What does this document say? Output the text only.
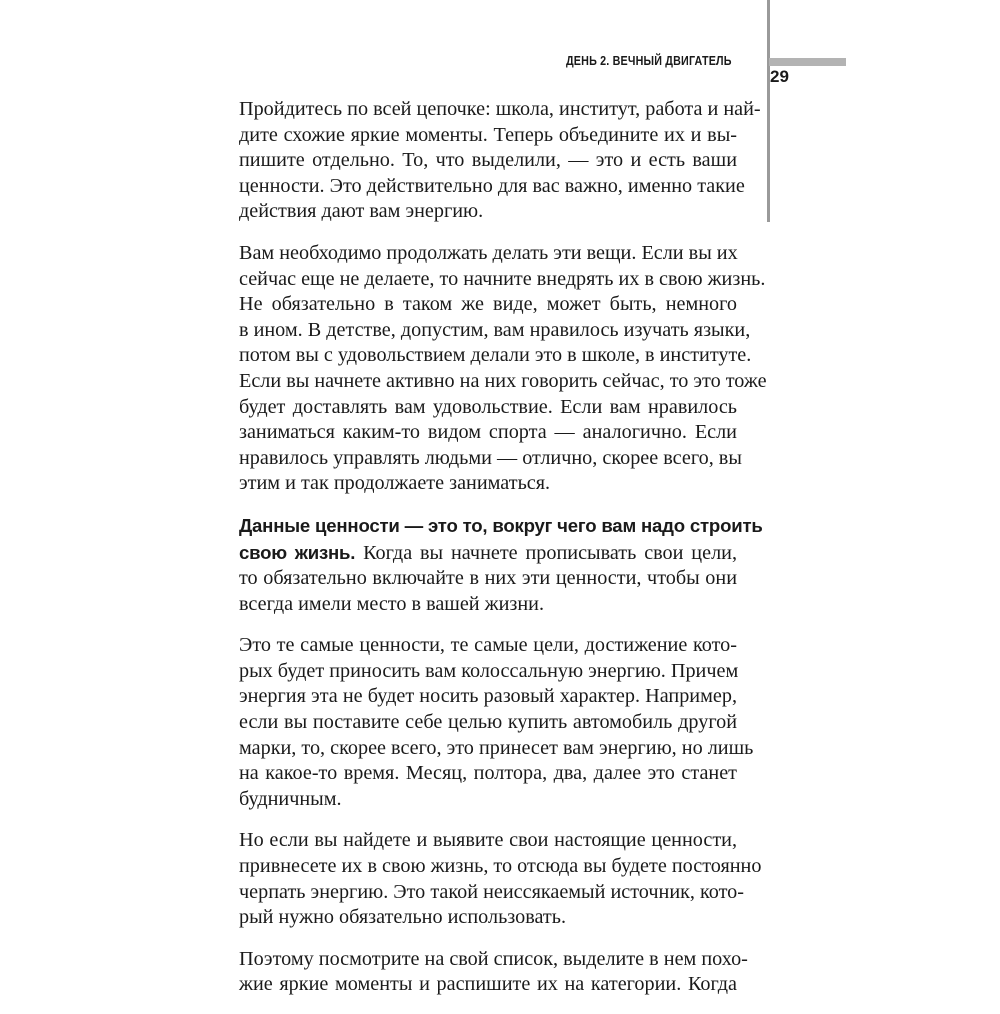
ДЕНЬ 2. ВЕЧНЫЙ ДВИГАТЕЛЬ
29

Пройдитесь по всей цепочке: школа, институт, работа и най-
дите схожие яркие моменты. Теперь объедините их и вы-
пишите отдельно. То, что выделили, — это и есть ваши
ценности. Это действительно для вас важно, именно такие
действия дают вам энергию.

Вам необходимо продолжать делать эти вещи. Если вы их
сейчас еще не делаете, то начните внедрять их в свою жизнь.
Не обязательно в таком же виде, может быть, немного
в ином. В детстве, допустим, вам нравилось изучать языки,
потом вы с удовольствием делали это в школе, в институте.
Если вы начнете активно на них говорить сейчас, то это тоже
будет доставлять вам удовольствие. Если вам нравилось
заниматься каким-то видом спорта — аналогично. Если
нравилось управлять людьми — отлично, скорее всего, вы
этим и так продолжаете заниматься.

Данные ценности — это то, вокруг чего вам надо строить
свою жизнь. Когда вы начнете прописывать свои цели,
то обязательно включайте в них эти ценности, чтобы они
всегда имели место в вашей жизни.

Это те самые ценности, те самые цели, достижение кото-
рых будет приносить вам колоссальную энергию. Причем
энергия эта не будет носить разовый характер. Например,
если вы поставите себе целью купить автомобиль другой
марки, то, скорее всего, это принесет вам энергию, но лишь
на какое-то время. Месяц, полтора, два, далее это станет
будничным.

Но если вы найдете и выявите свои настоящие ценности,
привнесете их в свою жизнь, то отсюда вы будете постоянно
черпать энергию. Это такой неиссякаемый источник, кото-
рый нужно обязательно использовать.

Поэтому посмотрите на свой список, выделите в нем похо-
жие яркие моменты и распишите их на категории. Когда
